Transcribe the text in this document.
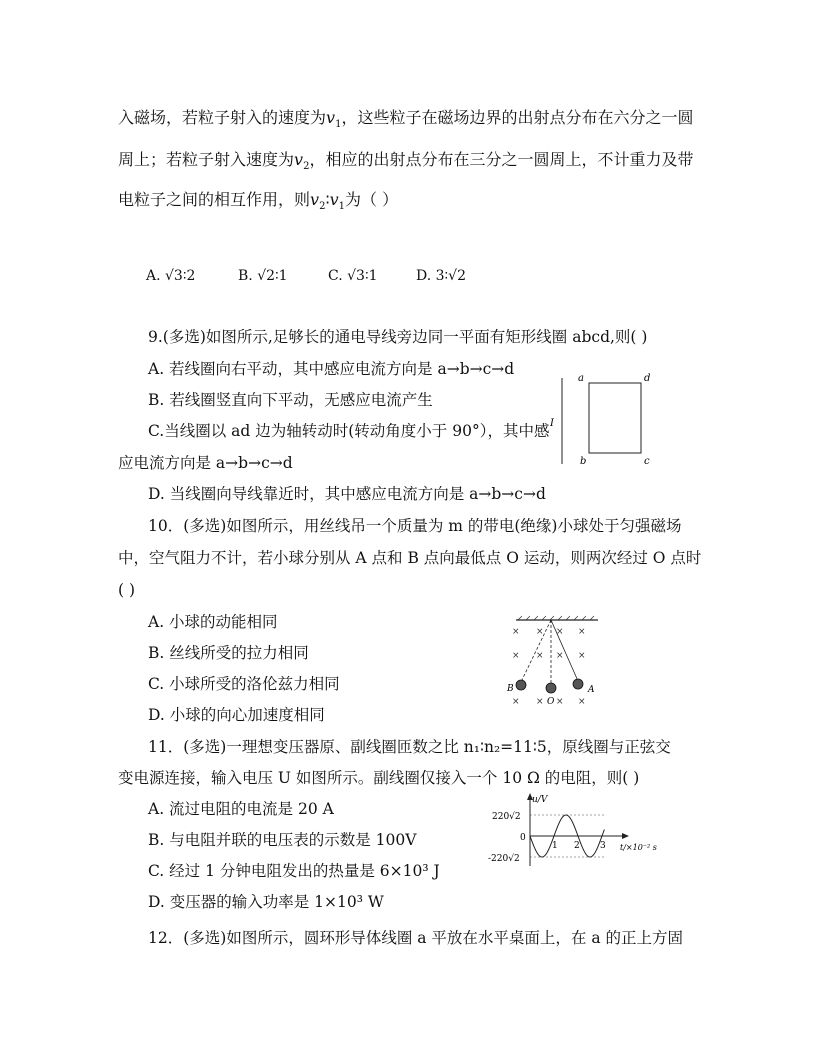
入磁场，若粒子射入的速度为$v_1$，这些粒子在磁场边界的出射点分布在六分之一圆
周上；若粒子射入速度为$v_2$，相应的出射点分布在三分之一圆周上，不计重力及带
电粒子之间的相互作用，则$v_2∶v_1$为（ ）
A. √3∶2	B. √2∶1	C. √3∶1	D. 3∶√2
9.(多选)如图所示,足够长的通电导线旁边同一平面有矩形线圈 abcd,则( )
A. 若线圈向右平动，其中感应电流方向是 a→b→c→d
B. 若线圈竖直向下平动，无感应电流产生
C.当线圈以 ad 边为轴转动时(转动角度小于 90°），其中感
应电流方向是 a→b→c→d
D. 当线圈向导线靠近时，其中感应电流方向是 a→b→c→d
I
a	d
b	c
10．(多选)如图所示，用丝线吊一个质量为 m 的带电(绝缘)小球处于匀强磁场
中，空气阻力不计，若小球分别从 A 点和 B 点向最低点 O 运动，则两次经过 O 点时
( )
A. 小球的动能相同
B. 丝线所受的拉力相同
C. 小球所受的洛伦兹力相同
D. 小球的向心加速度相同
× × × ×
× × × ×
× × × ×
B
O
A
11．(多选)一理想变压器原、副线圈匝数之比 n₁∶n₂=11∶5，原线圈与正弦交
变电源连接，输入电压 U 如图所示。副线圈仅接入一个 10 Ω 的电阻，则( )
A. 流过电阻的电流是 20 A
B. 与电阻并联的电压表的示数是 100V
C. 经过 1 分钟电阻发出的热量是 6×10³ J
D. 变压器的输入功率是 1×10³ W
u/V
220√2
0
-220√2
1 2 3 t/×10⁻² s
12．(多选)如图所示，圆环形导体线圈 a 平放在水平桌面上，在 a 的正上方固
